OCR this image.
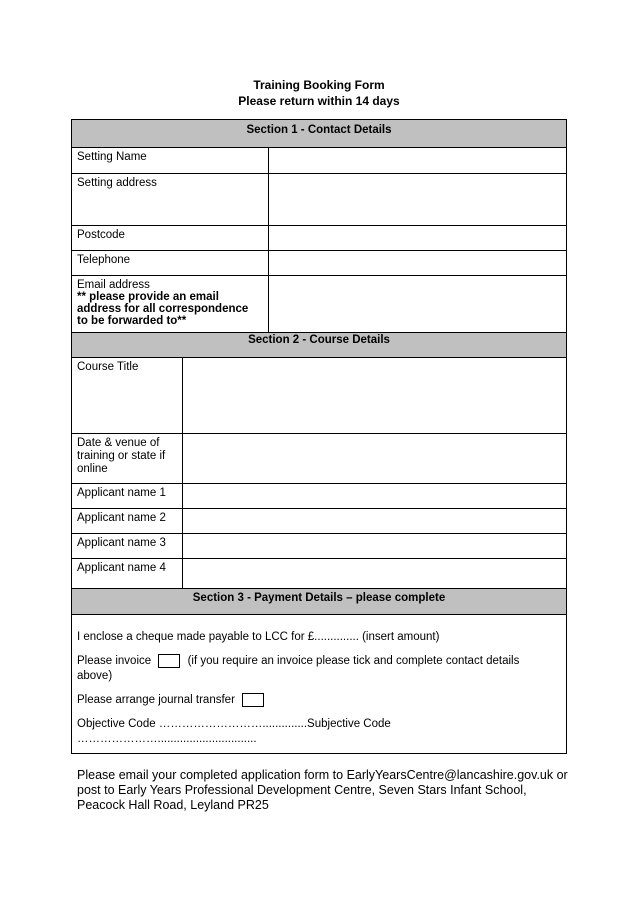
Training Booking Form
Please return within 14 days
Section 1 - Contact Details
Setting Name
Setting address
Postcode
Telephone
Email address
** please provide an email address for all correspondence to be forwarded to**
Section 2 - Course Details
Course Title
Date & venue of training or state if online
Applicant name 1
Applicant name 2
Applicant name 3
Applicant name 4
Section 3 - Payment Details – please complete
I enclose a cheque made payable to LCC for £.............. (insert amount)
Please invoice	(if you require an invoice please tick and complete contact details above)
Please arrange journal transfer
Objective Code ………………………..............Subjective Code
…………………...............................
Please email your completed application form to EarlyYearsCentre@lancashire.gov.uk or post to Early Years Professional Development Centre, Seven Stars Infant School, Peacock Hall Road, Leyland PR25
